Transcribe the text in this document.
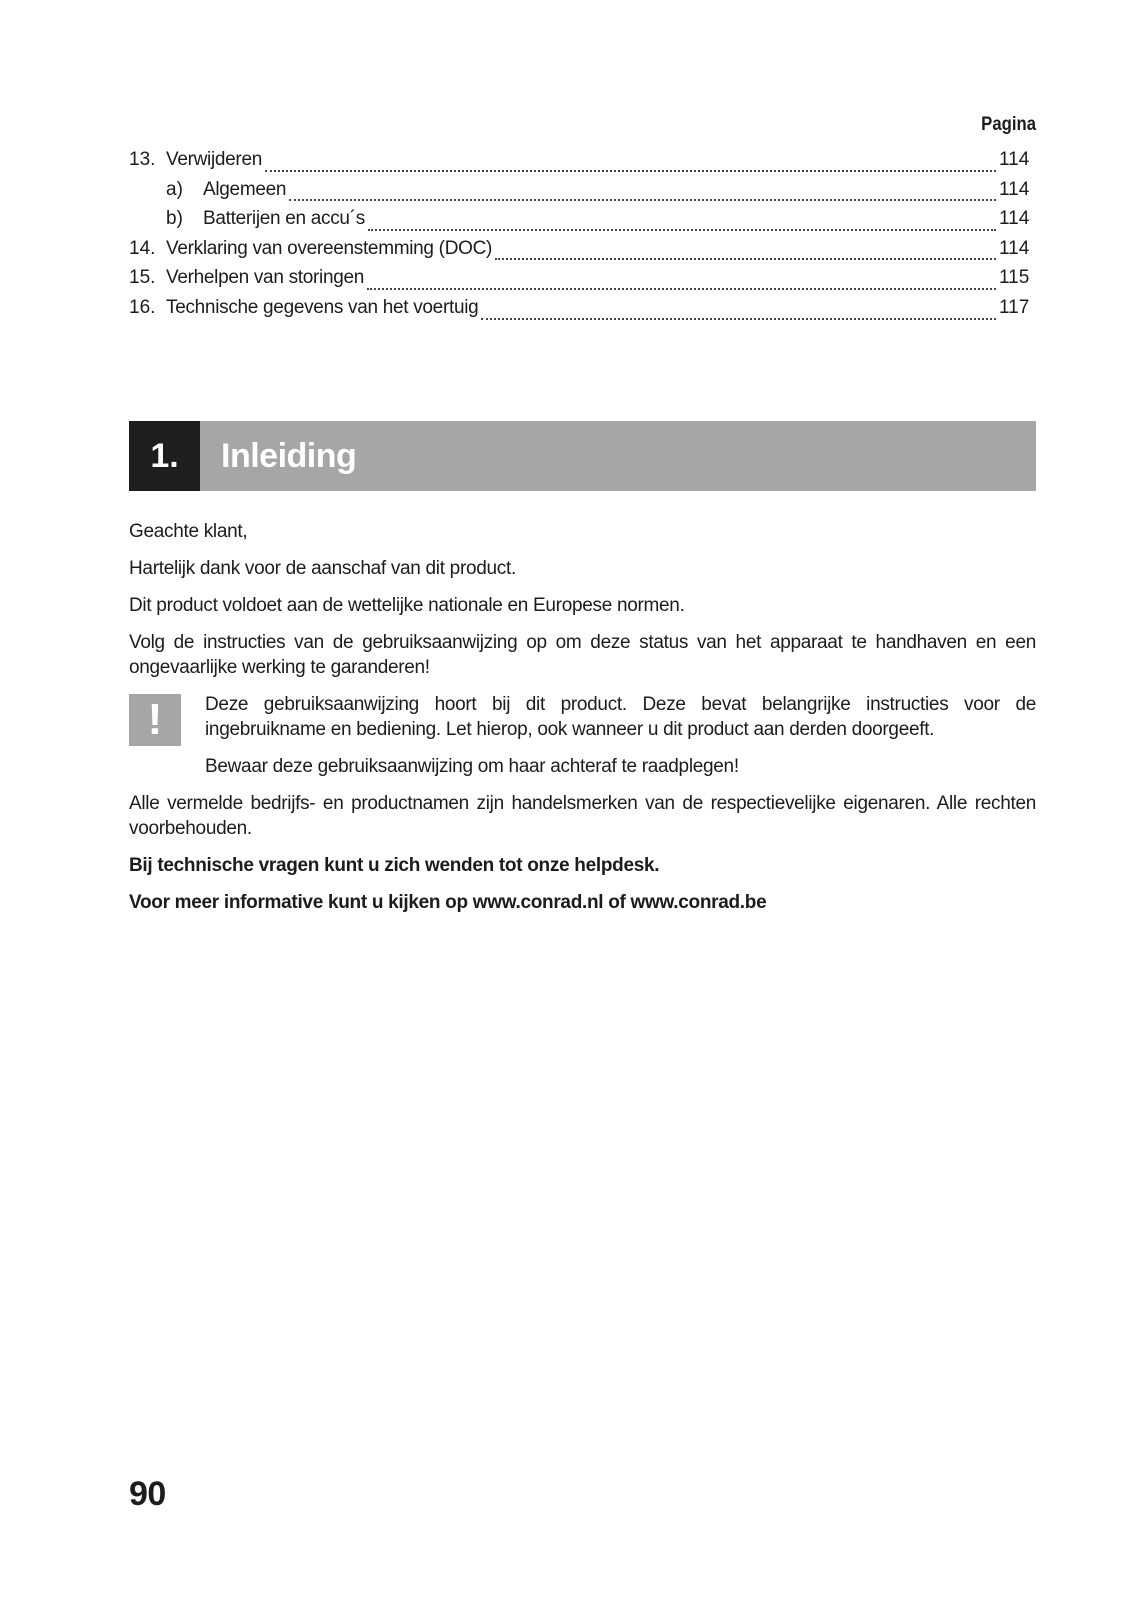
Pagina
13. Verwijderen	114
a)	Algemeen	114
b)	Batterijen en accu´s	114
14. Verklaring van overeenstemming (DOC)	114
15. Verhelpen van storingen	115
16. Technische gegevens van het voertuig	117
1.	Inleiding

Geachte klant,

Hartelijk dank voor de aanschaf van dit product.

Dit product voldoet aan de wettelijke nationale en Europese normen.

Volg de instructies van de gebruiksaanwijzing op om deze status van het apparaat te handhaven en een ongevaarlijke werking te garanderen!

!	Deze gebruiksaanwijzing hoort bij dit product. Deze bevat belangrijke instructies voor de ingebruikname en bediening. Let hierop, ook wanneer u dit product aan derden doorgeeft.

Bewaar deze gebruiksaanwijzing om haar achteraf te raadplegen!

Alle vermelde bedrijfs- en productnamen zijn handelsmerken van de respectievelijke eigenaren. Alle rechten voorbehouden.

Bij technische vragen kunt u zich wenden tot onze helpdesk.

Voor meer informative kunt u kijken op www.conrad.nl of www.conrad.be

90
